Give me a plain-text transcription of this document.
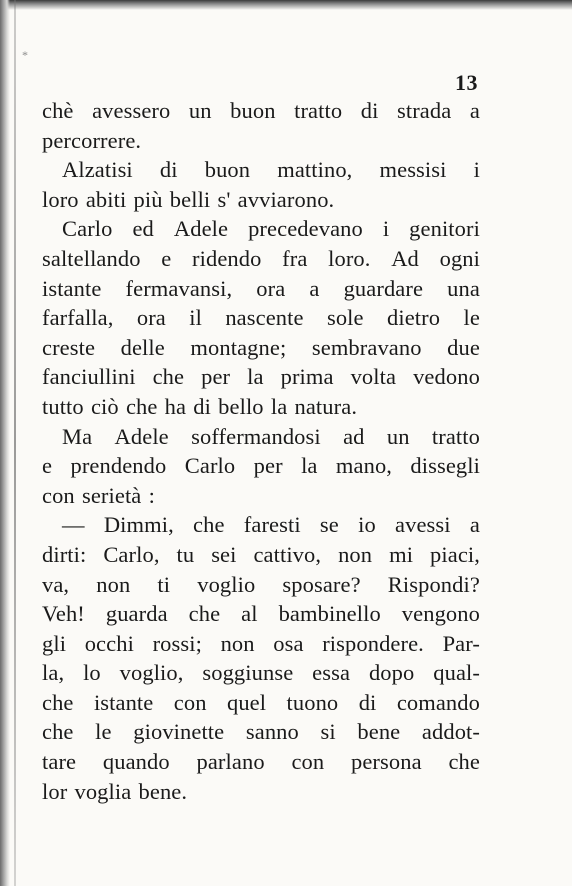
*
13
chè avessero un buon tratto di strada a
percorrere.
Alzatisi di buon mattino, messisi i
loro abiti più belli s' avviarono.
Carlo ed Adele precedevano i genitori
saltellando e ridendo fra loro. Ad ogni
istante fermavansi, ora a guardare una
farfalla, ora il nascente sole dietro le
creste delle montagne; sembravano due
fanciullini che per la prima volta vedono
tutto ciò che ha di bello la natura.
Ma Adele soffermandosi ad un tratto
e prendendo Carlo per la mano, dissegli
con serietà :
— Dimmi, che faresti se io avessi a
dirti: Carlo, tu sei cattivo, non mi piaci,
va, non ti voglio sposare? Rispondi?
Veh! guarda che al bambinello vengono
gli occhi rossi; non osa rispondere. Par-
la, lo voglio, soggiunse essa dopo qual-
che istante con quel tuono di comando
che le giovinette sanno si bene addot-
tare quando parlano con persona che
lor voglia bene.
